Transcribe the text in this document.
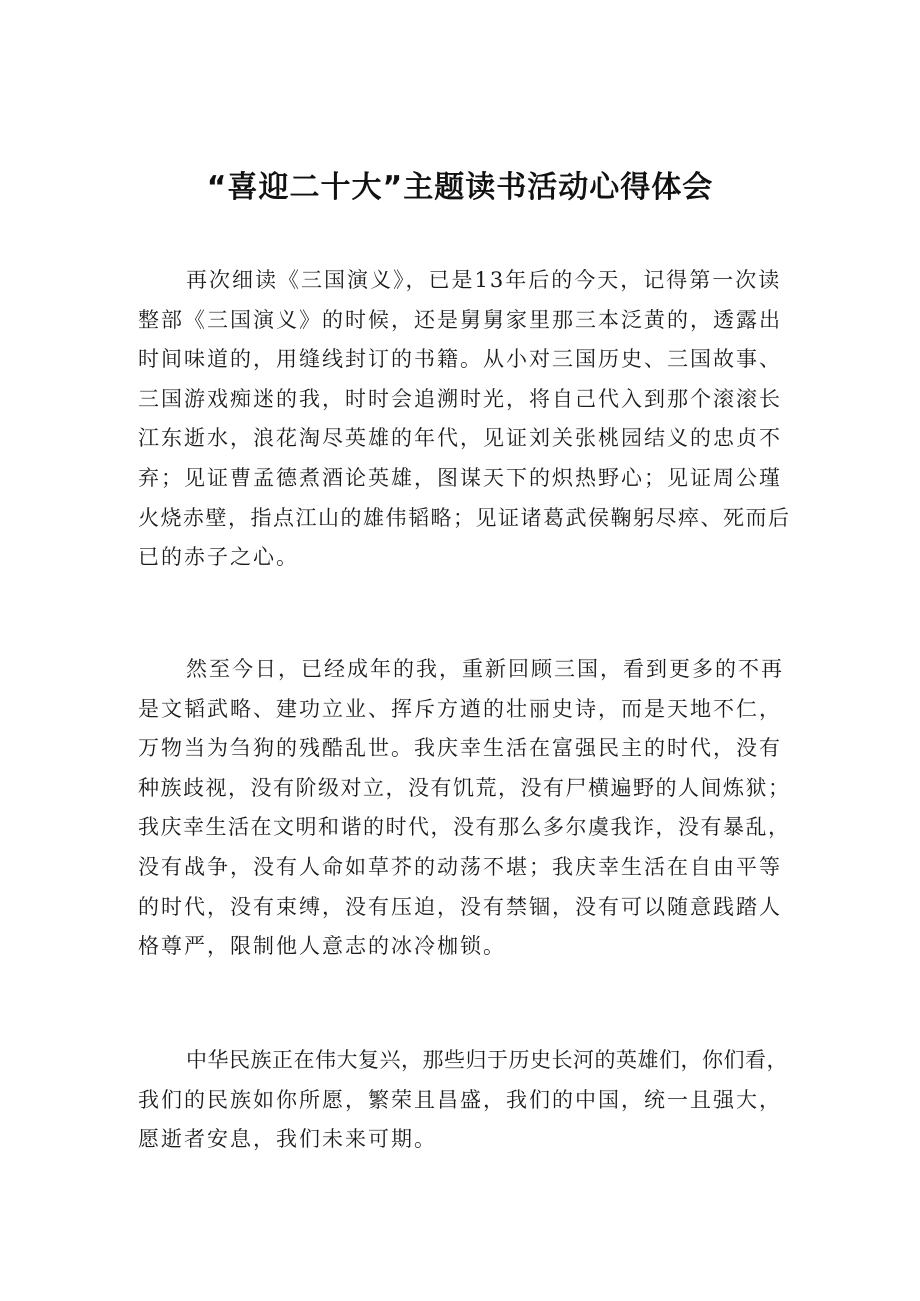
“喜迎二十大”主题读书活动心得体会
再次细读《三国演义》，已是13年后的今天，记得第一次读
整部《三国演义》的时候，还是舅舅家里那三本泛黄的，透露出
时间味道的，用缝线封订的书籍。从小对三国历史、三国故事、
三国游戏痴迷的我，时时会追溯时光，将自己代入到那个滚滚长
江东逝水，浪花淘尽英雄的年代，见证刘关张桃园结义的忠贞不
弃；见证曹孟德煮酒论英雄，图谋天下的炽热野心；见证周公瑾
火烧赤壁，指点江山的雄伟韬略；见证诸葛武侯鞠躬尽瘁、死而后
已的赤子之心。
然至今日，已经成年的我，重新回顾三国，看到更多的不再
是文韬武略、建功立业、挥斥方遒的壮丽史诗，而是天地不仁，
万物当为刍狗的残酷乱世。我庆幸生活在富强民主的时代，没有
种族歧视，没有阶级对立，没有饥荒，没有尸横遍野的人间炼狱；
我庆幸生活在文明和谐的时代，没有那么多尔虞我诈，没有暴乱，
没有战争，没有人命如草芥的动荡不堪；我庆幸生活在自由平等
的时代，没有束缚，没有压迫，没有禁锢，没有可以随意践踏人
格尊严，限制他人意志的冰冷枷锁。
中华民族正在伟大复兴，那些归于历史长河的英雄们，你们看，
我们的民族如你所愿，繁荣且昌盛，我们的中国，统一且强大，
愿逝者安息，我们未来可期。
